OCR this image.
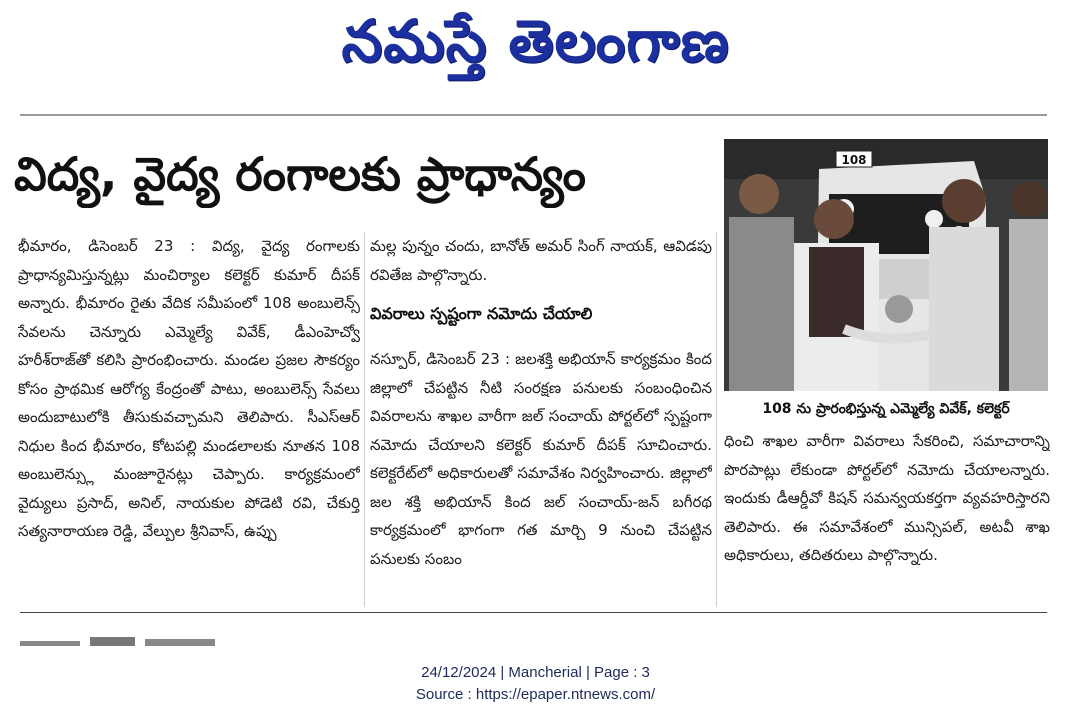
నమస్తే తెలంగాణ
విద్య, వైద్య రంగాలకు ప్రాధాన్యం

భీమారం, డిసెంబర్ 23 : విద్య, వైద్య రంగాలకు ప్రాధాన్యమిస్తున్నట్లు మంచిర్యాల కలెక్టర్ కుమార్ దీపక్ అన్నారు. భీమారం రైతు వేదిక సమీపంలో 108 అంబులెన్స్ సేవలను చెన్నూరు ఎమ్మెల్యే వివేక్, డీఎంహెచ్వో హరీశ్‌రాజ్‌తో కలిసి ప్రారంభించారు. మండల ప్రజల సౌకర్యం కోసం ప్రాథమిక ఆరోగ్య కేంద్రంతో పాటు, అంబులెన్స్ సేవలు అందుబాటులోకి తీసుకువచ్చామని తెలిపారు. సీఎస్ఆర్ నిధుల కింద భీమారం, కోటపల్లి మండలాలకు నూతన 108 అంబులెన్స్లు మంజూరైనట్లు చెప్పారు. కార్యక్రమంలో వైద్యులు ప్రసాద్, అనిల్, నాయకుల పోడెటి రవి, చేకుర్తి సత్యనారాయణ రెడ్డి, వేల్పుల శ్రీనివాస్, ఉప్పు

మల్ల పున్నం చందు, బానోత్ అమర్ సింగ్ నాయక్, ఆవిడపు రవితేజ పాల్గొన్నారు.

వివరాలు స్పష్టంగా నమోదు చేయాలి

నస్పూర్, డిసెంబర్ 23 : జలశక్తి అభియాన్ కార్యక్రమం కింద జిల్లాలో చేపట్టిన నీటి సంరక్షణ పనులకు సంబంధించిన వివరాలను శాఖల వారీగా జల్ సంచాయ్ పోర్టల్‌లో స్పష్టంగా నమోదు చేయాలని కలెక్టర్ కుమార్ దీపక్ సూచించారు. కలెక్టరేట్‌లో అధికారులతో సమావేశం నిర్వహించారు. జిల్లాలో జల శక్తి అభియాన్ కింద జల్ సంచాయ్-జన్ బగీరథ కార్యక్రమంలో భాగంగా గత మార్చి 9 నుంచి చేపట్టిన పనులకు సంబం

108
108 ను ప్రారంభిస్తున్న ఎమ్మెల్యే వివేక్, కలెక్టర్

ధించి శాఖల వారీగా వివరాలు సేకరించి, సమాచారాన్ని పొరపాట్లు లేకుండా పోర్టల్‌లో నమోదు చేయాలన్నారు. ఇందుకు డీఆర్డీవో కిషన్ సమన్వయకర్తగా వ్యవహరిస్తారని తెలిపారు. ఈ సమావేశంలో మున్సిపల్, అటవీ శాఖ అధికారులు, తదితరులు పాల్గొన్నారు.

24/12/2024 | Mancherial | Page : 3
Source : https://epaper.ntnews.com/
